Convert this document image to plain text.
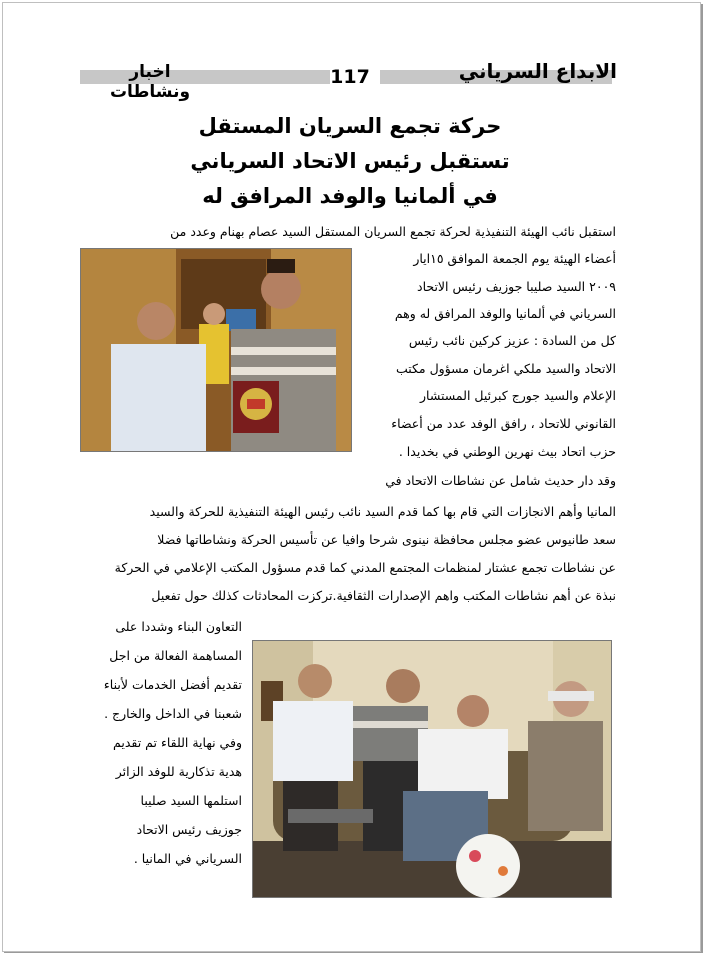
الابداع السرياني
اخبار ونشاطات
117
حركة تجمع السريان المستقل
تستقبل رئيس الاتحاد السرياني
في ألمانيا والوفد المرافق له
استقبل نائب الهيئة التنفيذية لحركة تجمع السريان المستقل السيد عصام بهنام وعدد من
أعضاء الهيئة يوم الجمعة الموافق ١٥ايار
٢٠٠٩ السيد صليبا جوزيف رئيس الاتحاد
السرياني في ألمانيا والوفد المرافق له وهم
كل من السادة : عزيز كركين نائب رئيس
الاتحاد والسيد ملكي اغرمان مسؤول مكتب
الإعلام والسيد جورج كبرئيل المستشار
القانوني للاتحاد ، رافق الوفد عدد من أعضاء
حزب اتحاد بيث نهرين الوطني في بخديدا .
وقد دار حديث شامل عن نشاطات الاتحاد في
المانيا وأهم الانجازات التي قام بها كما قدم السيد نائب رئيس الهيئة التنفيذية للحركة والسيد
سعد طانيوس عضو مجلس محافظة نينوى شرحا وافيا عن تأسيس الحركة ونشاطاتها فضلا
عن نشاطات تجمع عشتار لمنظمات المجتمع المدني كما قدم مسؤول المكتب الإعلامي في الحركة
نبذة عن أهم نشاطات المكتب واهم الإصدارات الثقافية.تركزت المحادثات كذلك حول تفعيل
التعاون البناء وشددا على
المساهمة الفعالة من اجل
تقديم أفضل الخدمات لأبناء
شعبنا في الداخل والخارج .
وفي نهاية اللقاء تم تقديم
هدية تذكارية للوفد الزائر
استلمها السيد صليبا
جوزيف رئيس الاتحاد
السرياني في المانيا .
